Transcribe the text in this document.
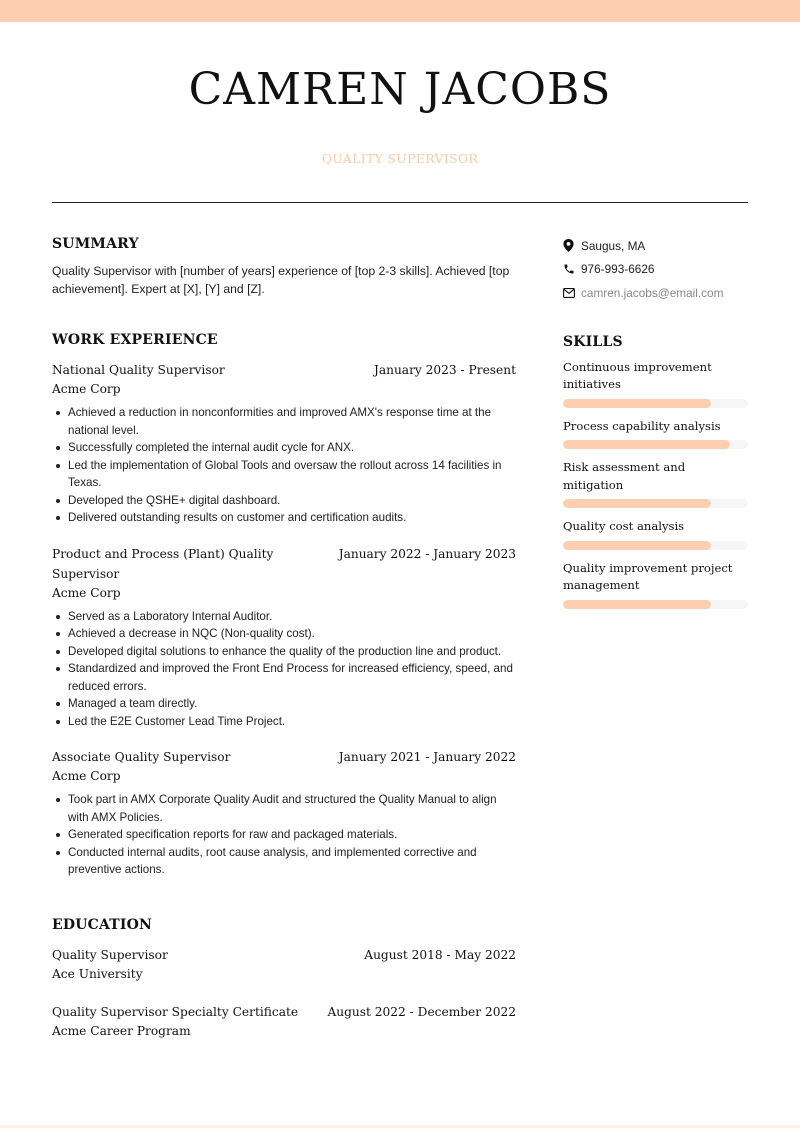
CAMREN JACOBS
QUALITY SUPERVISOR
SUMMARY

Quality Supervisor with [number of years] experience of [top 2-3 skills]. Achieved [top achievement]. Expert at [X], [Y] and [Z].

WORK EXPERIENCE
National Quality Supervisor	January 2023 - Present
Acme Corp
Achieved a reduction in nonconformities and improved AMX's response time at the national level.
Successfully completed the internal audit cycle for ANX.
Led the implementation of Global Tools and oversaw the rollout across 14 facilities in Texas.
Developed the QSHE+ digital dashboard.
Delivered outstanding results on customer and certification audits.
Product and Process (Plant) Quality Supervisor
January 2022 - January 2023
Acme Corp
Served as a Laboratory Internal Auditor.
Achieved a decrease in NQC (Non-quality cost).
Developed digital solutions to enhance the quality of the production line and product.
Standardized and improved the Front End Process for increased efficiency, speed, and reduced errors.
Managed a team directly.
Led the E2E Customer Lead Time Project.
Associate Quality Supervisor	January 2021 - January 2022
Acme Corp
Took part in AMX Corporate Quality Audit and structured the Quality Manual to align with AMX Policies.
Generated specification reports for raw and packaged materials.
Conducted internal audits, root cause analysis, and implemented corrective and preventive actions.
EDUCATION
Quality Supervisor	August 2018 - May 2022
Ace University
Quality Supervisor Specialty Certificate August 2022 - December 2022
Acme Career Program
Saugus, MA
976-993-6626
camren.jacobs@email.com
SKILLS
Continuous improvement initiatives
Process capability analysis
Risk assessment and mitigation
Quality cost analysis
Quality improvement project management
